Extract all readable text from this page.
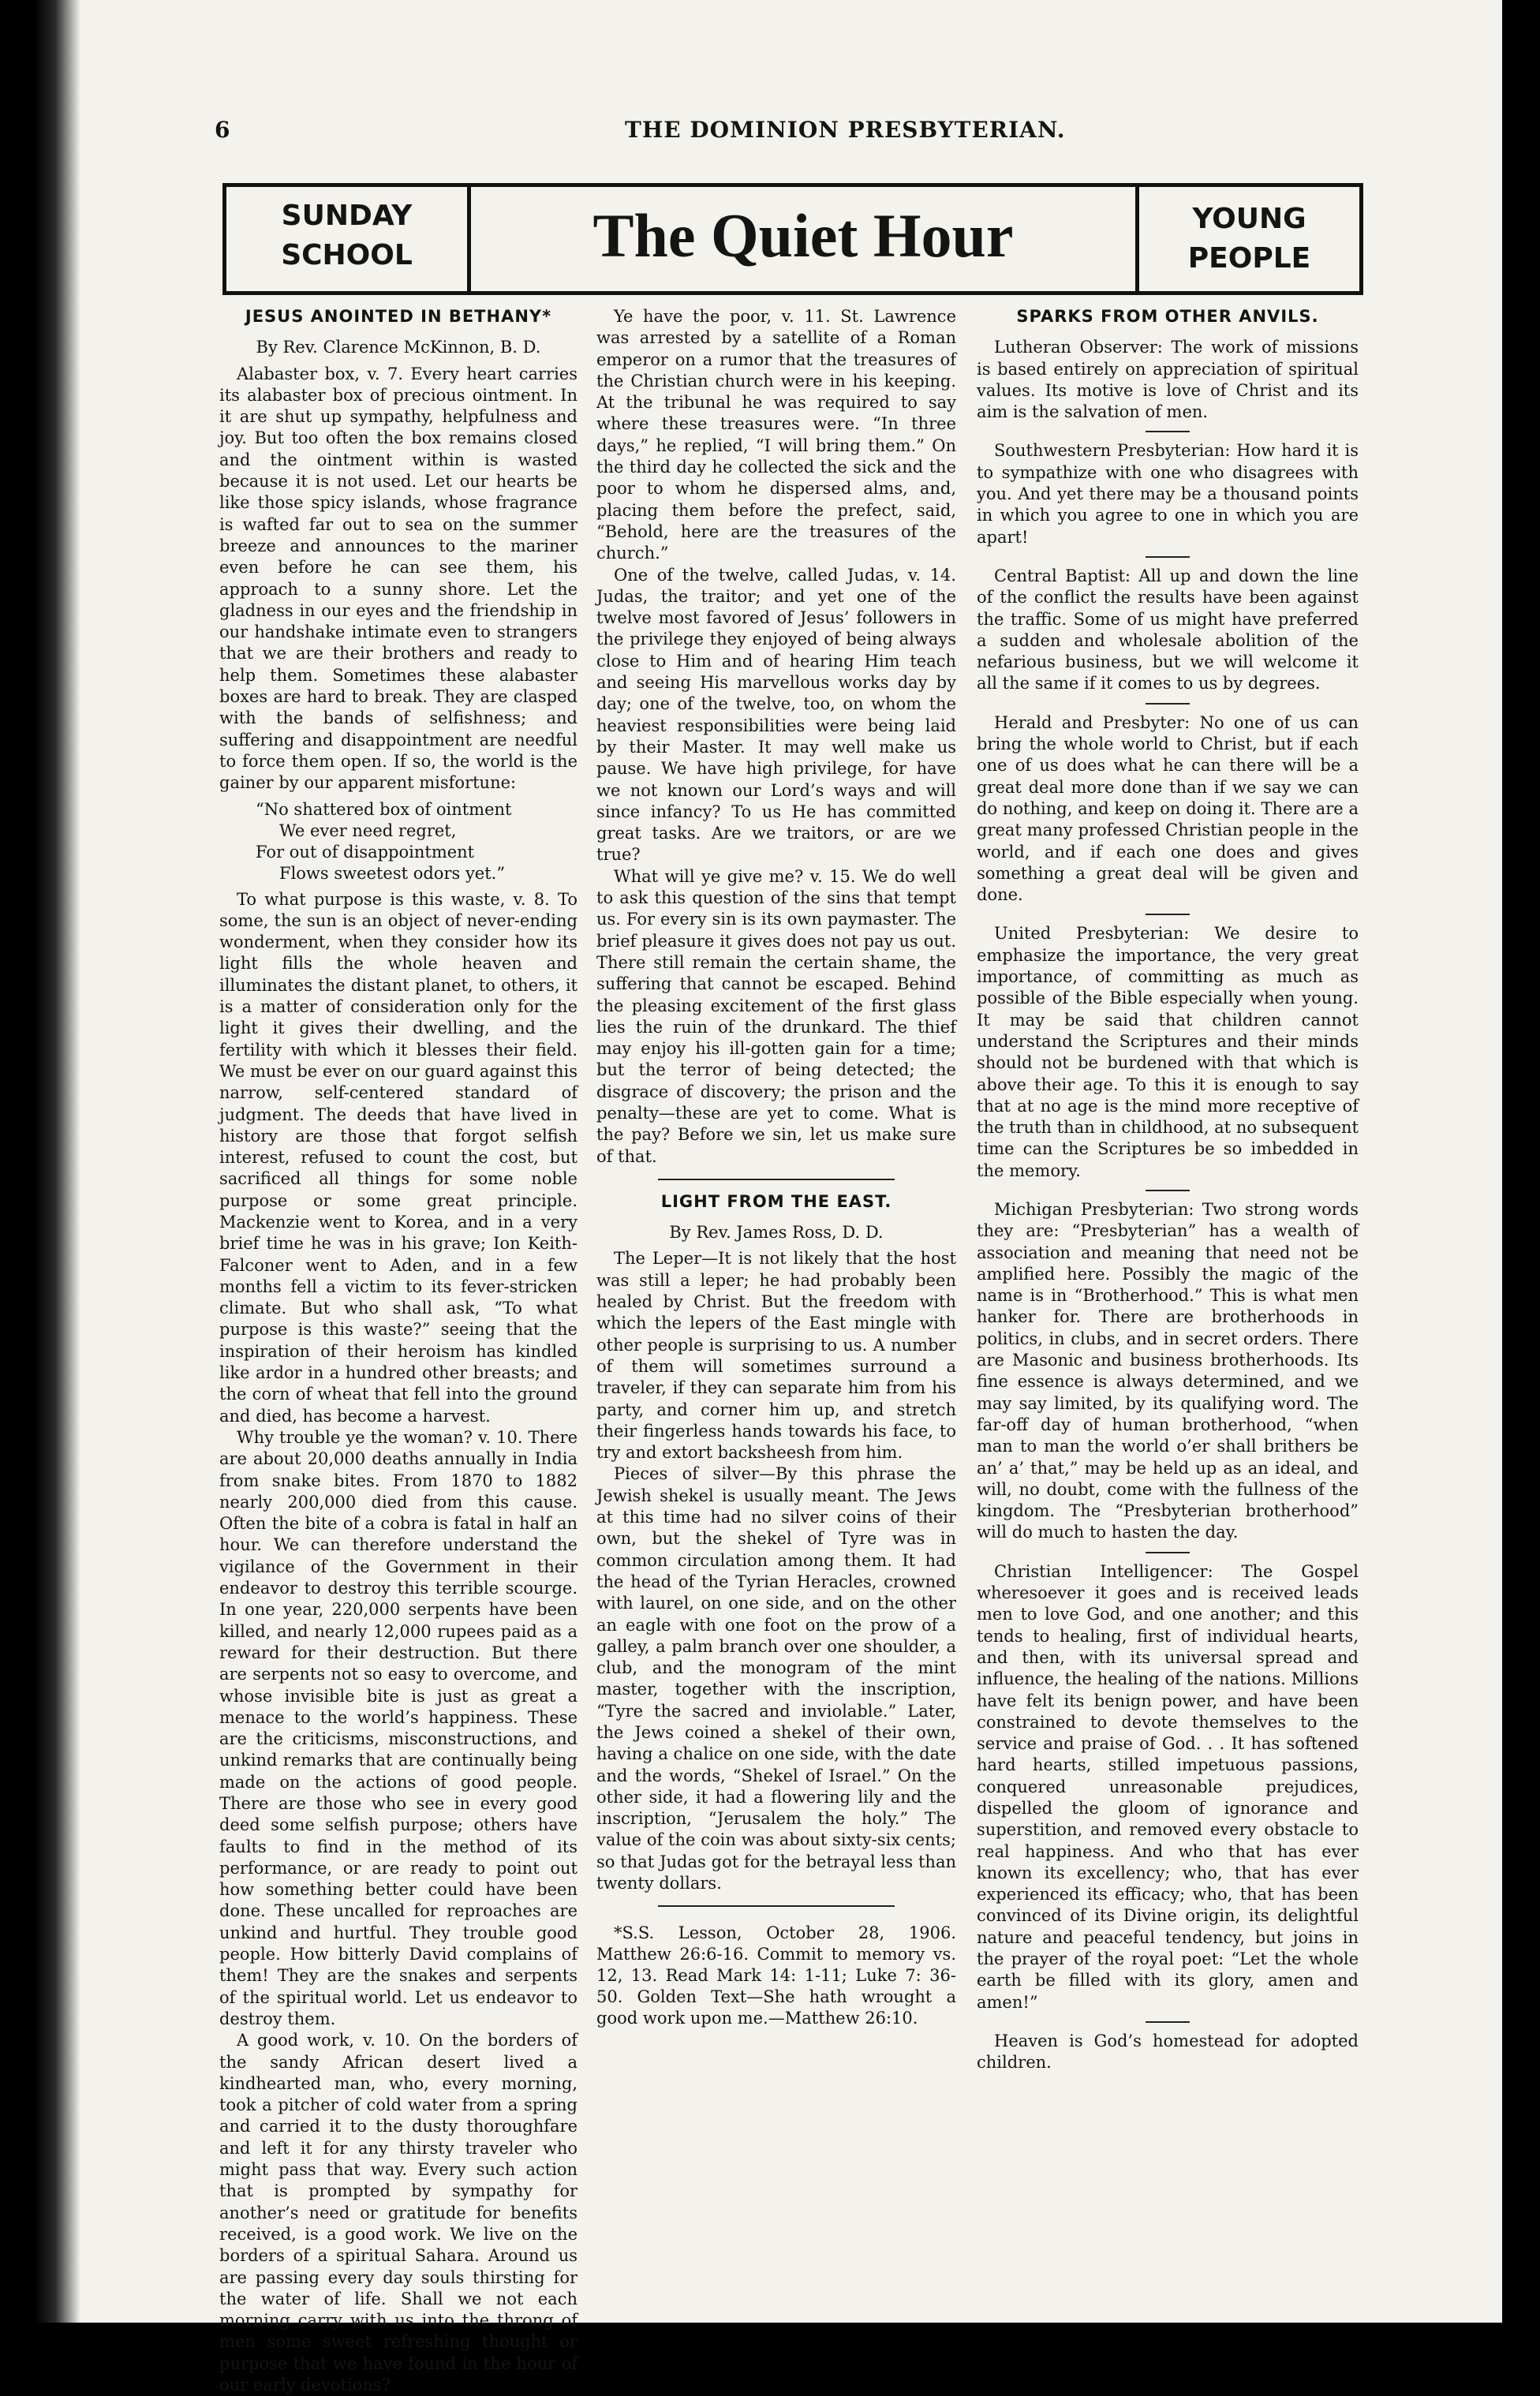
6	THE DOMINION PRESBYTERIAN.
SUNDAY
SCHOOL	The Quiet Hour	YOUNG
PEOPLE
JESUS ANOINTED IN BETHANY*
By Rev. Clarence McKinnon, B. D.

Alabaster box, v. 7. Every heart carries its alabaster box of precious ointment. In it are shut up sympathy, helpfulness and joy. But too often the box remains closed and the ointment within is wasted because it is not used. Let our hearts be like those spicy islands, whose fragrance is wafted far out to sea on the summer breeze and announces to the mariner even before he can see them, his approach to a sunny shore. Let the gladness in our eyes and the friendship in our handshake intimate even to strangers that we are their brothers and ready to help them. Sometimes these alabaster boxes are hard to break. They are clasped with the bands of selfishness; and suffering and disappointment are needful to force them open. If so, the world is the gainer by our apparent misfortune:

“No shattered box of ointment
We ever need regret,
For out of disappointment
Flows sweetest odors yet.”

To what purpose is this waste, v. 8. To some, the sun is an object of never-ending wonderment, when they consider how its light fills the whole heaven and illuminates the distant planet, to others, it is a matter of consideration only for the light it gives their dwelling, and the fertility with which it blesses their field. We must be ever on our guard against this narrow, self-centered standard of judgment. The deeds that have lived in history are those that forgot selfish interest, refused to count the cost, but sacrificed all things for some noble purpose or some great principle. Mackenzie went to Korea, and in a very brief time he was in his grave; Ion Keith-Falconer went to Aden, and in a few months fell a victim to its fever-stricken climate. But who shall ask, “To what purpose is this waste?” seeing that the inspiration of their heroism has kindled like ardor in a hundred other breasts; and the corn of wheat that fell into the ground and died, has become a harvest.

Why trouble ye the woman? v. 10. There are about 20,000 deaths annually in India from snake bites. From 1870 to 1882 nearly 200,000 died from this cause. Often the bite of a cobra is fatal in half an hour. We can therefore understand the vigilance of the Government in their endeavor to destroy this terrible scourge. In one year, 220,000 serpents have been killed, and nearly 12,000 rupees paid as a reward for their destruction. But there are serpents not so easy to overcome, and whose invisible bite is just as great a menace to the world’s happiness. These are the criticisms, misconstructions, and unkind remarks that are continually being made on the actions of good people. There are those who see in every good deed some selfish purpose; others have faults to find in the method of its performance, or are ready to point out how something better could have been done. These uncalled for reproaches are unkind and hurtful. They trouble good people. How bitterly David complains of them! They are the snakes and serpents of the spiritual world. Let us endeavor to destroy them.

A good work, v. 10. On the borders of the sandy African desert lived a kindhearted man, who, every morning, took a pitcher of cold water from a spring and carried it to the dusty thoroughfare and left it for any thirsty traveler who might pass that way. Every such action that is prompted by sympathy for another’s need or gratitude for benefits received, is a good work. We live on the borders of a spiritual Sahara. Around us are passing every day souls thirsting for the water of life. Shall we not each morning carry with us into the throng of men some sweet refreshing thought or purpose that we have found in the hour of our early devotions?

Ye have the poor, v. 11. St. Lawrence was arrested by a satellite of a Roman emperor on a rumor that the treasures of the Christian church were in his keeping. At the tribunal he was required to say where these treasures were. “In three days,” he replied, “I will bring them.” On the third day he collected the sick and the poor to whom he dispersed alms, and, placing them before the prefect, said, “Behold, here are the treasures of the church.”

One of the twelve, called Judas, v. 14. Judas, the traitor; and yet one of the twelve most favored of Jesus’ followers in the privilege they enjoyed of being always close to Him and of hearing Him teach and seeing His marvellous works day by day; one of the twelve, too, on whom the heaviest responsibilities were being laid by their Master. It may well make us pause. We have high privilege, for have we not known our Lord’s ways and will since infancy? To us He has committed great tasks. Are we traitors, or are we true?

What will ye give me? v. 15. We do well to ask this question of the sins that tempt us. For every sin is its own paymaster. The brief pleasure it gives does not pay us out. There still remain the certain shame, the suffering that cannot be escaped. Behind the pleasing excitement of the first glass lies the ruin of the drunkard. The thief may enjoy his ill-gotten gain for a time; but the terror of being detected; the disgrace of discovery; the prison and the penalty—these are yet to come. What is the pay? Before we sin, let us make sure of that.

LIGHT FROM THE EAST.
By Rev. James Ross, D. D.

The Leper—It is not likely that the host was still a leper; he had probably been healed by Christ. But the freedom with which the lepers of the East mingle with other people is surprising to us. A number of them will sometimes surround a traveler, if they can separate him from his party, and corner him up, and stretch their fingerless hands towards his face, to try and extort backsheesh from him.

Pieces of silver—By this phrase the Jewish shekel is usually meant. The Jews at this time had no silver coins of their own, but the shekel of Tyre was in common circulation among them. It had the head of the Tyrian Heracles, crowned with laurel, on one side, and on the other an eagle with one foot on the prow of a galley, a palm branch over one shoulder, a club, and the monogram of the mint master, together with the inscription, “Tyre the sacred and inviolable.” Later, the Jews coined a shekel of their own, having a chalice on one side, with the date and the words, “Shekel of Israel.” On the other side, it had a flowering lily and the inscription, “Jerusalem the holy.” The value of the coin was about sixty-six cents; so that Judas got for the betrayal less than twenty dollars.

*S.S. Lesson, October 28, 1906. Matthew 26:6-16. Commit to memory vs. 12, 13. Read Mark 14: 1-11; Luke 7: 36-50. Golden Text—She hath wrought a good work upon me.—Matthew 26:10.

SPARKS FROM OTHER ANVILS.

Lutheran Observer: The work of missions is based entirely on appreciation of spiritual values. Its motive is love of Christ and its aim is the salvation of men.

Southwestern Presbyterian: How hard it is to sympathize with one who disagrees with you. And yet there may be a thousand points in which you agree to one in which you are apart!

Central Baptist: All up and down the line of the conflict the results have been against the traffic. Some of us might have preferred a sudden and wholesale abolition of the nefarious business, but we will welcome it all the same if it comes to us by degrees.

Herald and Presbyter: No one of us can bring the whole world to Christ, but if each one of us does what he can there will be a great deal more done than if we say we can do nothing, and keep on doing it. There are a great many professed Christian people in the world, and if each one does and gives something a great deal will be given and done.

United Presbyterian: We desire to emphasize the importance, the very great importance, of committing as much as possible of the Bible especially when young. It may be said that children cannot understand the Scriptures and their minds should not be burdened with that which is above their age. To this it is enough to say that at no age is the mind more receptive of the truth than in childhood, at no subsequent time can the Scriptures be so imbedded in the memory.

Michigan Presbyterian: Two strong words they are: “Presbyterian” has a wealth of association and meaning that need not be amplified here. Possibly the magic of the name is in “Brotherhood.” This is what men hanker for. There are brotherhoods in politics, in clubs, and in secret orders. There are Masonic and business brotherhoods. Its fine essence is always determined, and we may say limited, by its qualifying word. The far-off day of human brotherhood, “when man to man the world o’er shall brithers be an’ a’ that,” may be held up as an ideal, and will, no doubt, come with the fullness of the kingdom. The “Presbyterian brotherhood” will do much to hasten the day.

Christian Intelligencer: The Gospel wheresoever it goes and is received leads men to love God, and one another; and this tends to healing, first of individual hearts, and then, with its universal spread and influence, the healing of the nations. Millions have felt its benign power, and have been constrained to devote themselves to the service and praise of God. . . It has softened hard hearts, stilled impetuous passions, conquered unreasonable prejudices, dispelled the gloom of ignorance and superstition, and removed every obstacle to real happiness. And who that has ever known its excellency; who, that has ever experienced its efficacy; who, that has been convinced of its Divine origin, its delightful nature and peaceful tendency, but joins in the prayer of the royal poet: “Let the whole earth be filled with its glory, amen and amen!”

Heaven is God’s homestead for adopted children.
